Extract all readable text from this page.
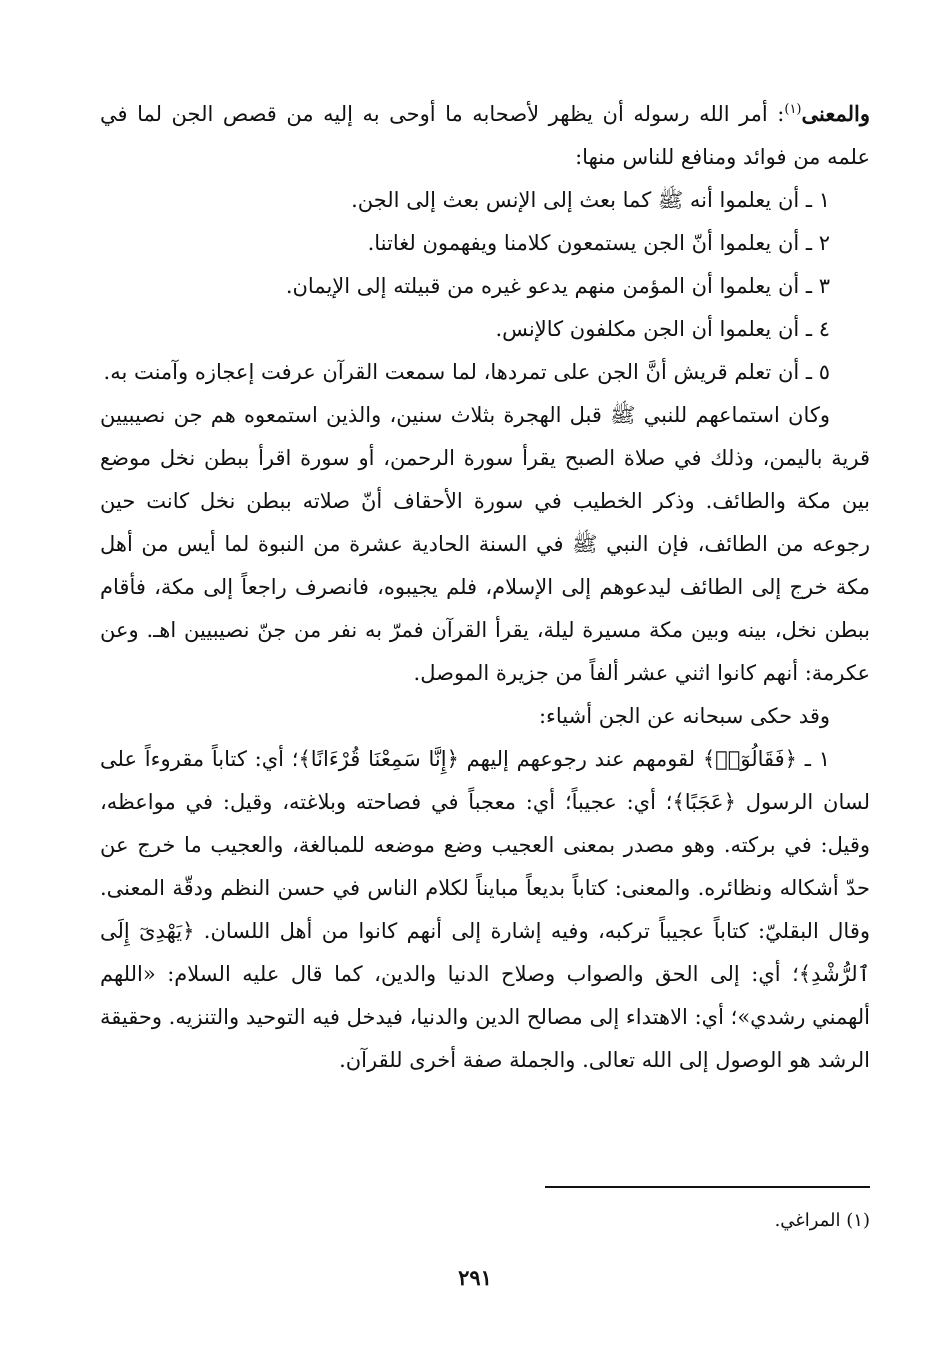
والمعنى$^{(١)}$: أمر الله رسوله أن يظهر لأصحابه ما أوحى به إليه من قصص الجن لما في علمه من فوائد ومنافع للناس منها:

١ ـ أن يعلموا أنه ﷺ كما بعث إلى الإنس بعث إلى الجن.

٢ ـ أن يعلموا أنّ الجن يستمعون كلامنا ويفهمون لغاتنا.

٣ ـ أن يعلموا أن المؤمن منهم يدعو غيره من قبيلته إلى الإيمان.

٤ ـ أن يعلموا أن الجن مكلفون كالإنس.

٥ ـ أن تعلم قريش أنَّ الجن على تمردها، لما سمعت القرآن عرفت إعجازه وآمنت به.

وكان استماعهم للنبي ﷺ قبل الهجرة بثلاث سنين، والذين استمعوه هم جن نصيبيين قرية باليمن، وذلك في صلاة الصبح يقرأ سورة الرحمن، أو سورة اقرأ ببطن نخل موضع بين مكة والطائف. وذكر الخطيب في سورة الأحقاف أنّ صلاته ببطن نخل كانت حين رجوعه من الطائف، فإن النبي ﷺ في السنة الحادية عشرة من النبوة لما أيس من أهل مكة خرج إلى الطائف ليدعوهم إلى الإسلام، فلم يجيبوه، فانصرف راجعاً إلى مكة، فأقام ببطن نخل، بينه وبين مكة مسيرة ليلة، يقرأ القرآن فمرّ به نفر من جنّ نصيبيين اهـ. وعن عكرمة: أنهم كانوا اثني عشر ألفاً من جزيرة الموصل.

وقد حكى سبحانه عن الجن أشياء:

١ ـ ﴿فَقَالُوٓا۟﴾ لقومهم عند رجوعهم إليهم ﴿إِنَّا سَمِعْنَا قُرْءَانًا﴾؛ أي: كتاباً مقروءاً على لسان الرسول ﴿عَجَبًا﴾؛ أي: عجيباً؛ أي: معجباً في فصاحته وبلاغته، وقيل: في مواعظه، وقيل: في بركته. وهو مصدر بمعنى العجيب وضع موضعه للمبالغة، والعجيب ما خرج عن حدّ أشكاله ونظائره. والمعنى: كتاباً بديعاً مبايناً لكلام الناس في حسن النظم ودقّة المعنى. وقال البقليّ: كتاباً عجيباً تركبه، وفيه إشارة إلى أنهم كانوا من أهل اللسان. ﴿يَهْدِىٓ إِلَى ٱلرُّشْدِ﴾؛ أي: إلى الحق والصواب وصلاح الدنيا والدين، كما قال عليه السلام: «اللهم ألهمني رشدي»؛ أي: الاهتداء إلى مصالح الدين والدنيا، فيدخل فيه التوحيد والتنزيه. وحقيقة الرشد هو الوصول إلى الله تعالى. والجملة صفة أخرى للقرآن.

(١) المراغي.
٢٩١
